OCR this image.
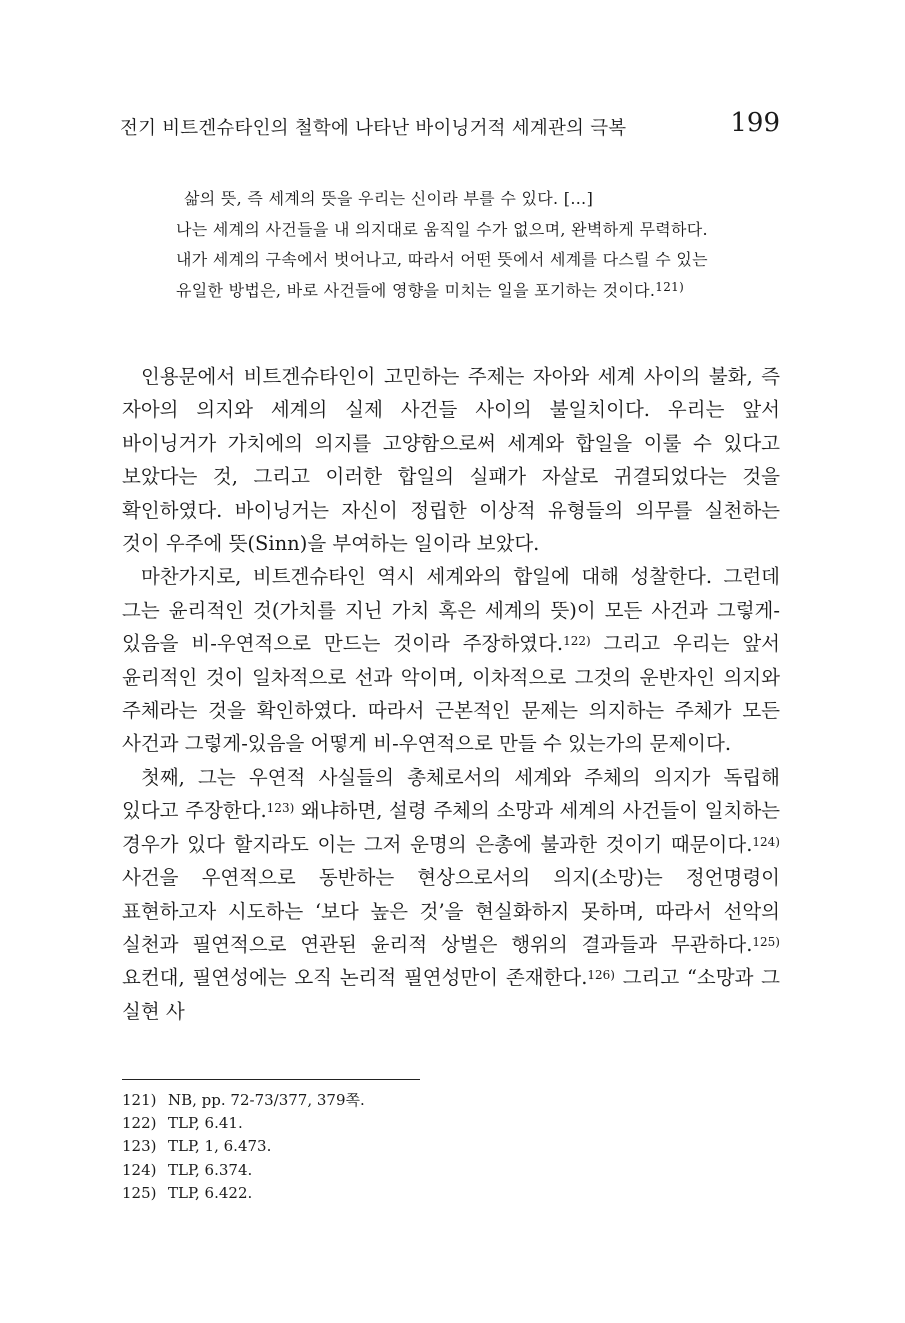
전기 비트겐슈타인의 철학에 나타난 바이닝거적 세계관의 극복	199

삶의 뜻, 즉 세계의 뜻을 우리는 신이라 부를 수 있다. […]

나는 세계의 사건들을 내 의지대로 움직일 수가 없으며, 완벽하게 무력하다.

내가 세계의 구속에서 벗어나고, 따라서 어떤 뜻에서 세계를 다스릴 수 있는

유일한 방법은, 바로 사건들에 영향을 미치는 일을 포기하는 것이다.$^{121)}$

인용문에서 비트겐슈타인이 고민하는 주제는 자아와 세계 사이의 불화, 즉 자아의 의지와 세계의 실제 사건들 사이의 불일치이다. 우리는 앞서 바이닝거가 가치에의 의지를 고양함으로써 세계와 합일을 이룰 수 있다고 보았다는 것, 그리고 이러한 합일의 실패가 자살로 귀결되었다는 것을 확인하였다. 바이닝거는 자신이 정립한 이상적 유형들의 의무를 실천하는 것이 우주에 뜻(Sinn)을 부여하는 일이라 보았다.

마찬가지로, 비트겐슈타인 역시 세계와의 합일에 대해 성찰한다. 그런데 그는 윤리적인 것(가치를 지닌 가치 혹은 세계의 뜻)이 모든 사건과 그렇게-있음을 비-우연적으로 만드는 것이라 주장하였다.$^{122)}$ 그리고 우리는 앞서 윤리적인 것이 일차적으로 선과 악이며, 이차적으로 그것의 운반자인 의지와 주체라는 것을 확인하였다. 따라서 근본적인 문제는 의지하는 주체가 모든 사건과 그렇게-있음을 어떻게 비-우연적으로 만들 수 있는가의 문제이다.

첫째, 그는 우연적 사실들의 총체로서의 세계와 주체의 의지가 독립해 있다고 주장한다.$^{123)}$ 왜냐하면, 설령 주체의 소망과 세계의 사건들이 일치하는 경우가 있다 할지라도 이는 그저 운명의 은총에 불과한 것이기 때문이다.$^{124)}$ 사건을 우연적으로 동반하는 현상으로서의 의지(소망)는 정언명령이 표현하고자 시도하는 ‘보다 높은 것’을 현실화하지 못하며, 따라서 선악의 실천과 필연적으로 연관된 윤리적 상벌은 행위의 결과들과 무관하다.$^{125)}$ 요컨대, 필연성에는 오직 논리적 필연성만이 존재한다.$^{126)}$ 그리고 “소망과 그 실현 사

121) NB, pp. 72-73/377, 379쪽.
122) TLP, 6.41.
123) TLP, 1, 6.473.
124) TLP, 6.374.
125) TLP, 6.422.
